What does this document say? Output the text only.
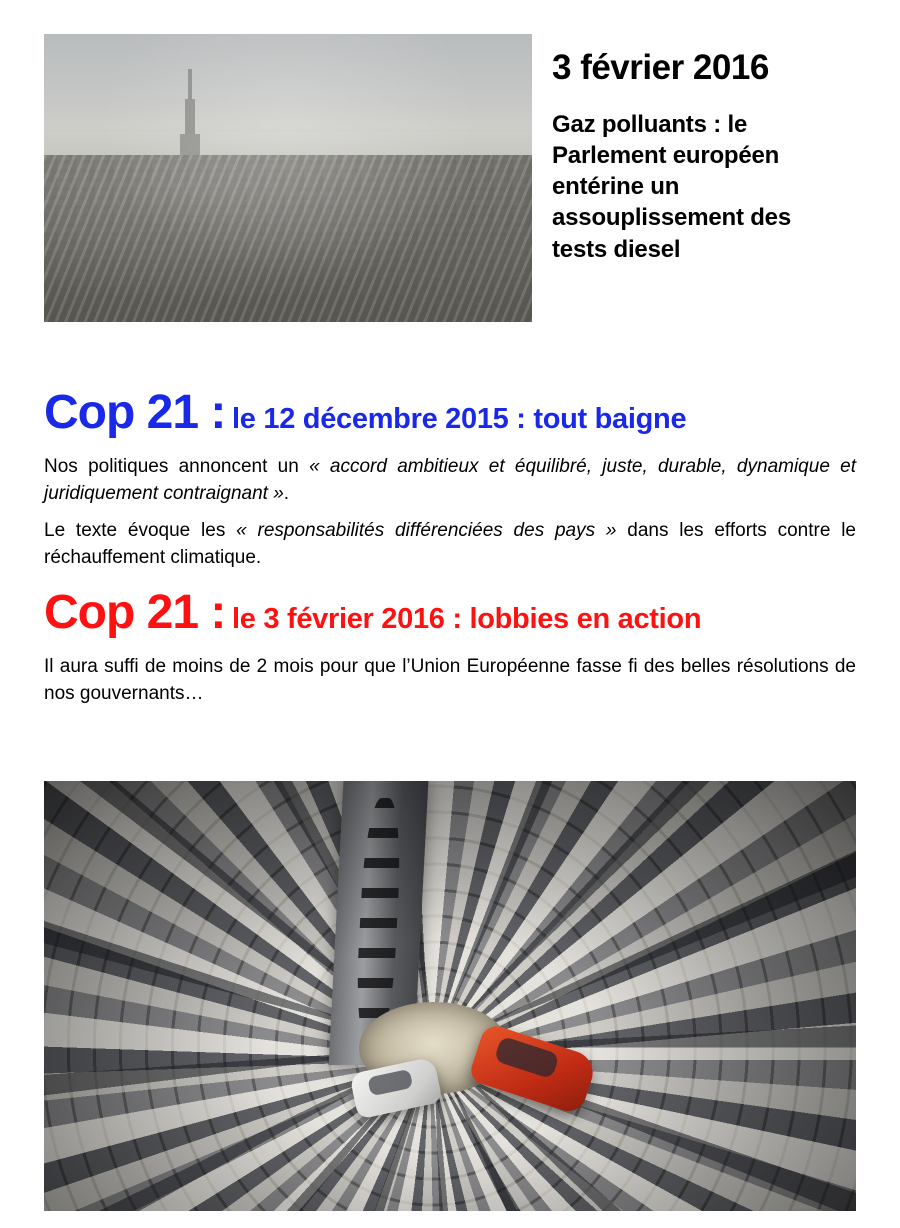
3 février 2016
Gaz polluants : le Parlement européen entérine un assouplissement des tests diesel
Cop 21 : le 12 décembre 2015 : tout baigne

Nos politiques annoncent un « accord ambitieux et équilibré, juste, durable, dynamique et juridiquement contraignant ».

Le texte évoque les « responsabilités différenciées des pays » dans les efforts contre le réchauffement climatique.

Cop 21 : le 3 février 2016 : lobbies en action

Il aura suffi de moins de 2 mois pour que l’Union Européenne fasse fi des belles résolutions de nos gouvernants…
